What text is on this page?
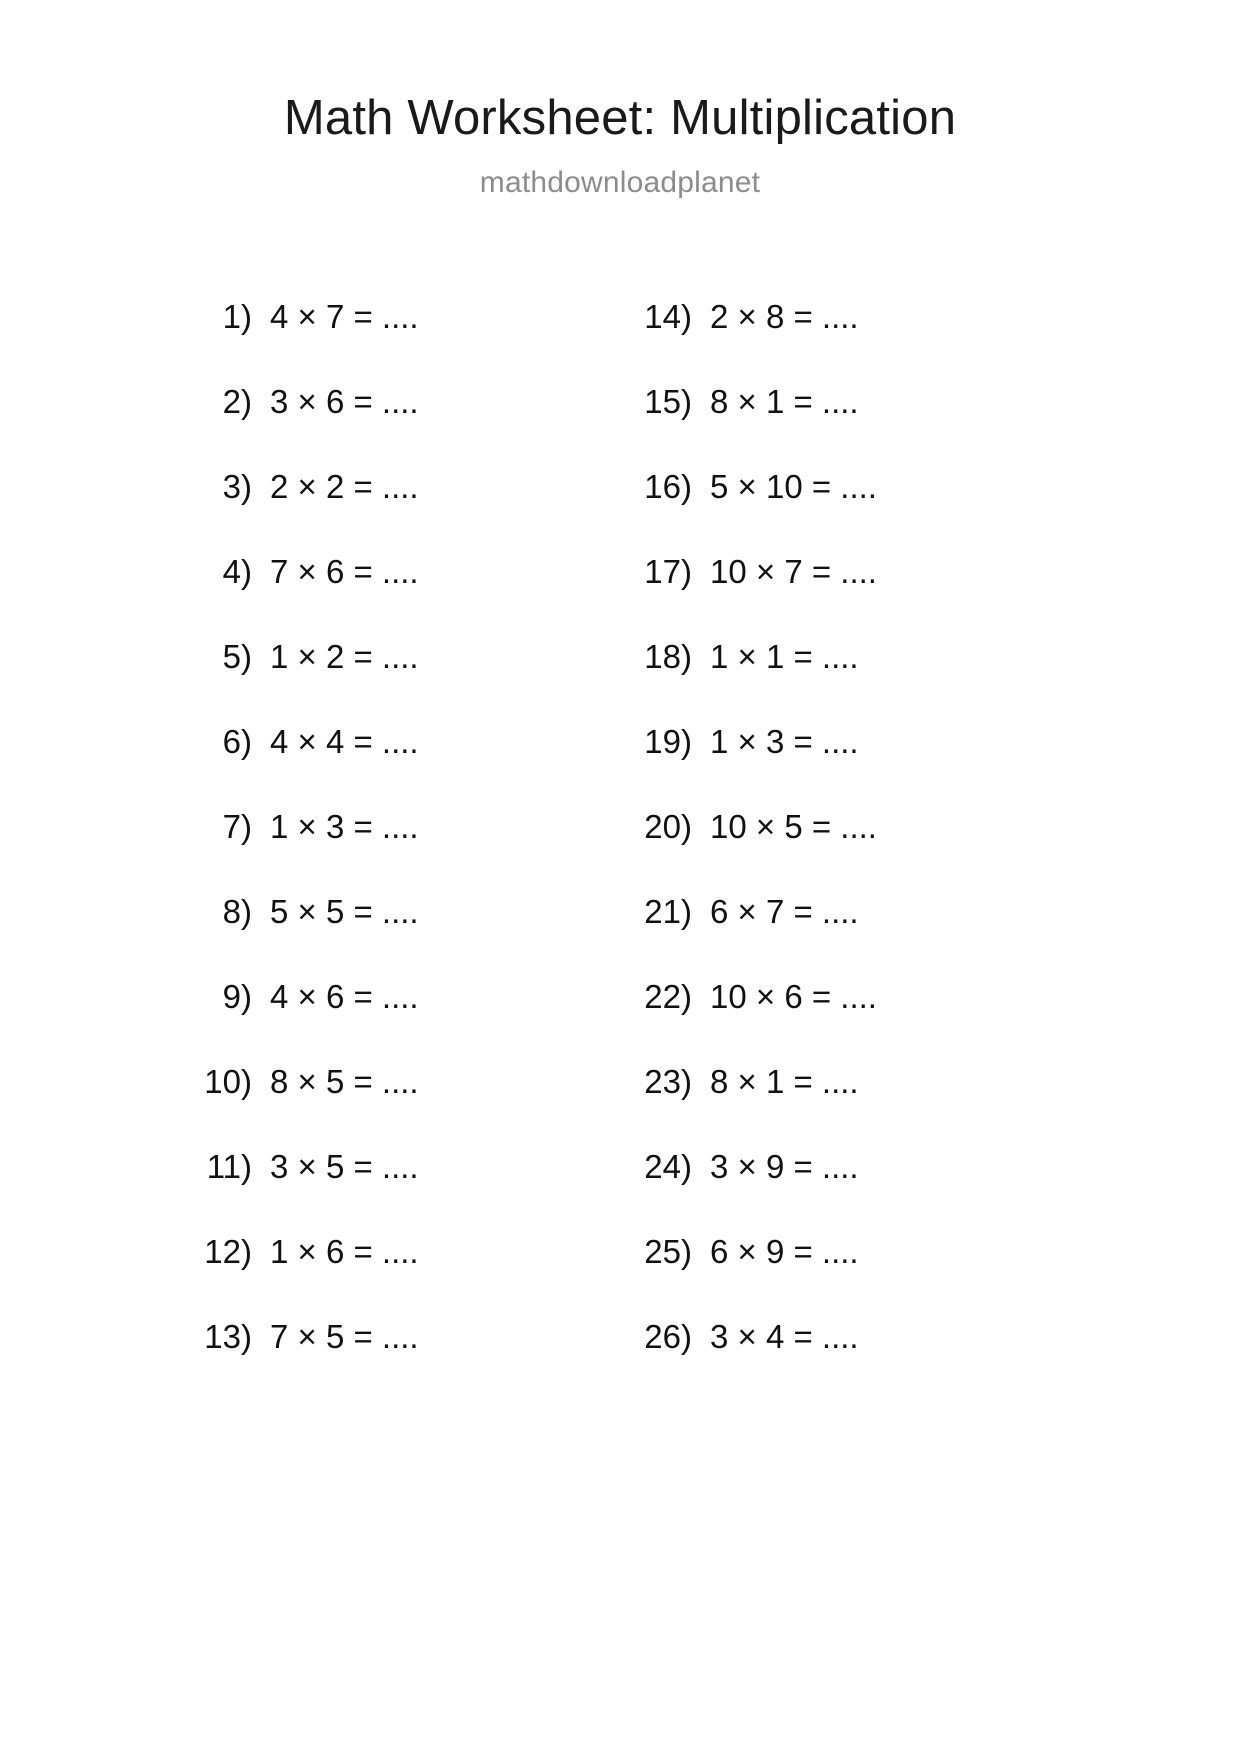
Math Worksheet: Multiplication
mathdownloadplanet
1) 4 × 7 = ....
2) 3 × 6 = ....
3) 2 × 2 = ....
4) 7 × 6 = ....
5) 1 × 2 = ....
6) 4 × 4 = ....
7) 1 × 3 = ....
8) 5 × 5 = ....
9) 4 × 6 = ....
10) 8 × 5 = ....
11) 3 × 5 = ....
12) 1 × 6 = ....
13) 7 × 5 = ....
14) 2 × 8 = ....
15) 8 × 1 = ....
16) 5 × 10 = ....
17) 10 × 7 = ....
18) 1 × 1 = ....
19) 1 × 3 = ....
20) 10 × 5 = ....
21) 6 × 7 = ....
22) 10 × 6 = ....
23) 8 × 1 = ....
24) 3 × 9 = ....
25) 6 × 9 = ....
26) 3 × 4 = ....
